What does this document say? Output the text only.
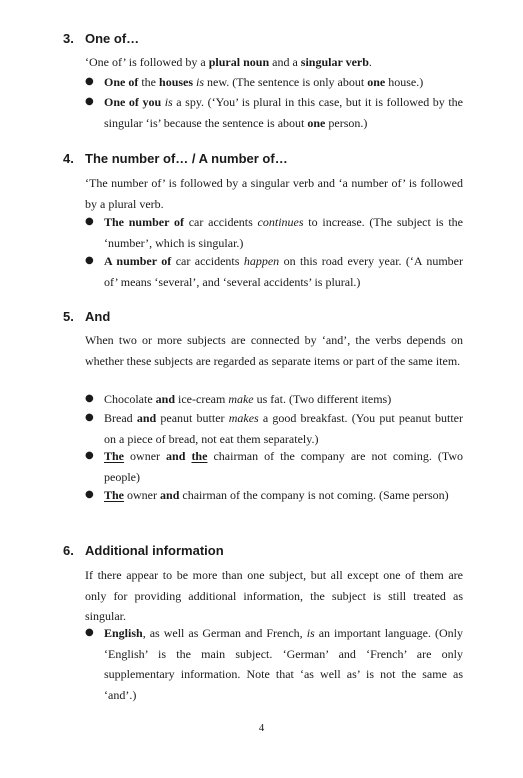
3. One of…

‘One of’ is followed by a plural noun and a singular verb.

● One of the houses is new. (The sentence is only about one house.)
● One of you is a spy. (‘You’ is plural in this case, but it is followed by the singular ‘is’ because the sentence is about one person.)
4. The number of… / A number of…

‘The number of’ is followed by a singular verb and ‘a number of’ is followed by a plural verb.

● The number of car accidents continues to increase. (The subject is the ‘number’, which is singular.)
● A number of car accidents happen on this road every year. (‘A number of’ means ‘several’, and ‘several accidents’ is plural.)
5. And

When two or more subjects are connected by ‘and’, the verbs depends on whether these subjects are regarded as separate items or part of the same item.

● Chocolate and ice-cream make us fat. (Two different items)
● Bread and peanut butter makes a good breakfast. (You put peanut butter on a piece of bread, not eat them separately.)
● The owner and the chairman of the company are not coming. (Two people)
● The owner and chairman of the company is not coming. (Same person)
6. Additional information

If there appear to be more than one subject, but all except one of them are only for providing additional information, the subject is still treated as singular.

● English, as well as German and French, is an important language. (Only ‘English’ is the main subject. ‘German’ and ‘French’ are only supplementary information. Note that ‘as well as’ is not the same as ‘and’.)
4
